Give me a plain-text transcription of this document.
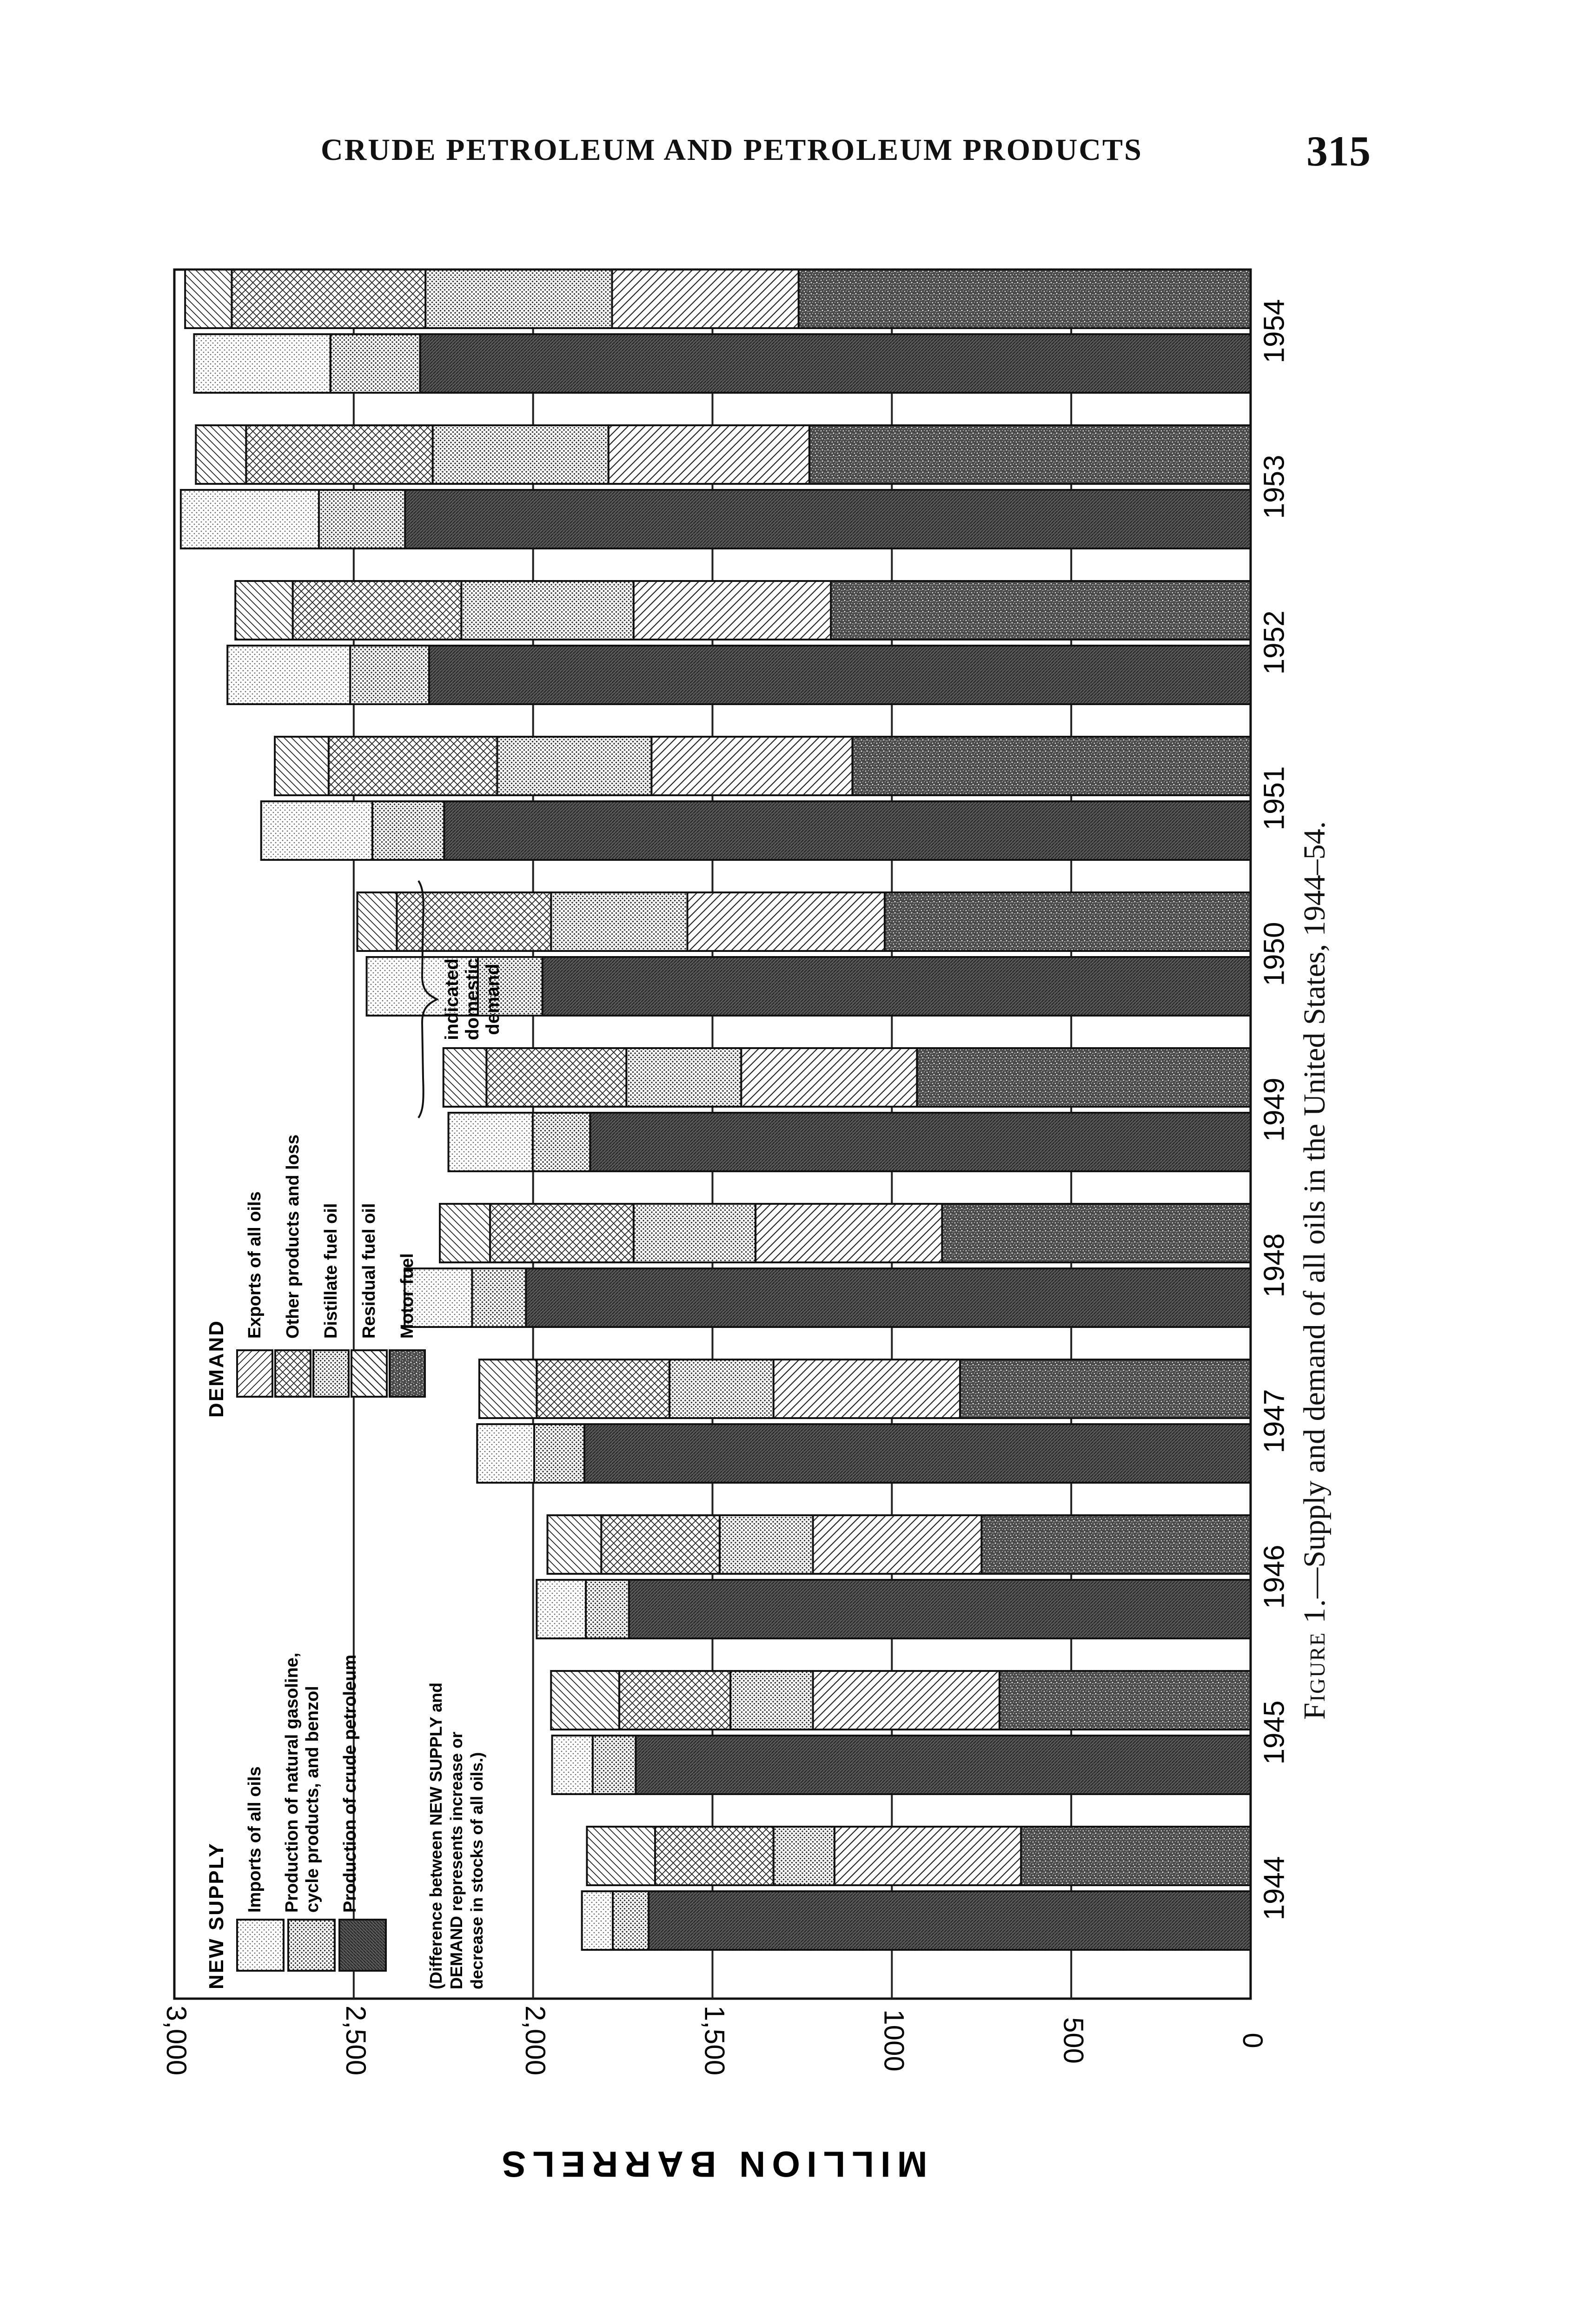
CRUDE PETROLEUM AND PETROLEUM PRODUCTS	315
0
500
1000
1,500
2,000
2,500
3,000
1944
1945
1946
1947
1948
1949
1950
1951
1952
1953
1954
MILLION BARRELS
NEW SUPPLY
Imports of all oils Production of natural gasoline,cycle products, and benzol Production of crude petroleum	(Difference between NEW SUPPLY andDEMAND represents increase ordecrease in stocks of all oils.)
DEMAND
Exports of all oils Other products and loss Distillate fuel oil Residual fuel oil Motor fuel
indicateddomesticdemand
Figure 1.—Supply and demand of all oils in the United States, 1944–54.
